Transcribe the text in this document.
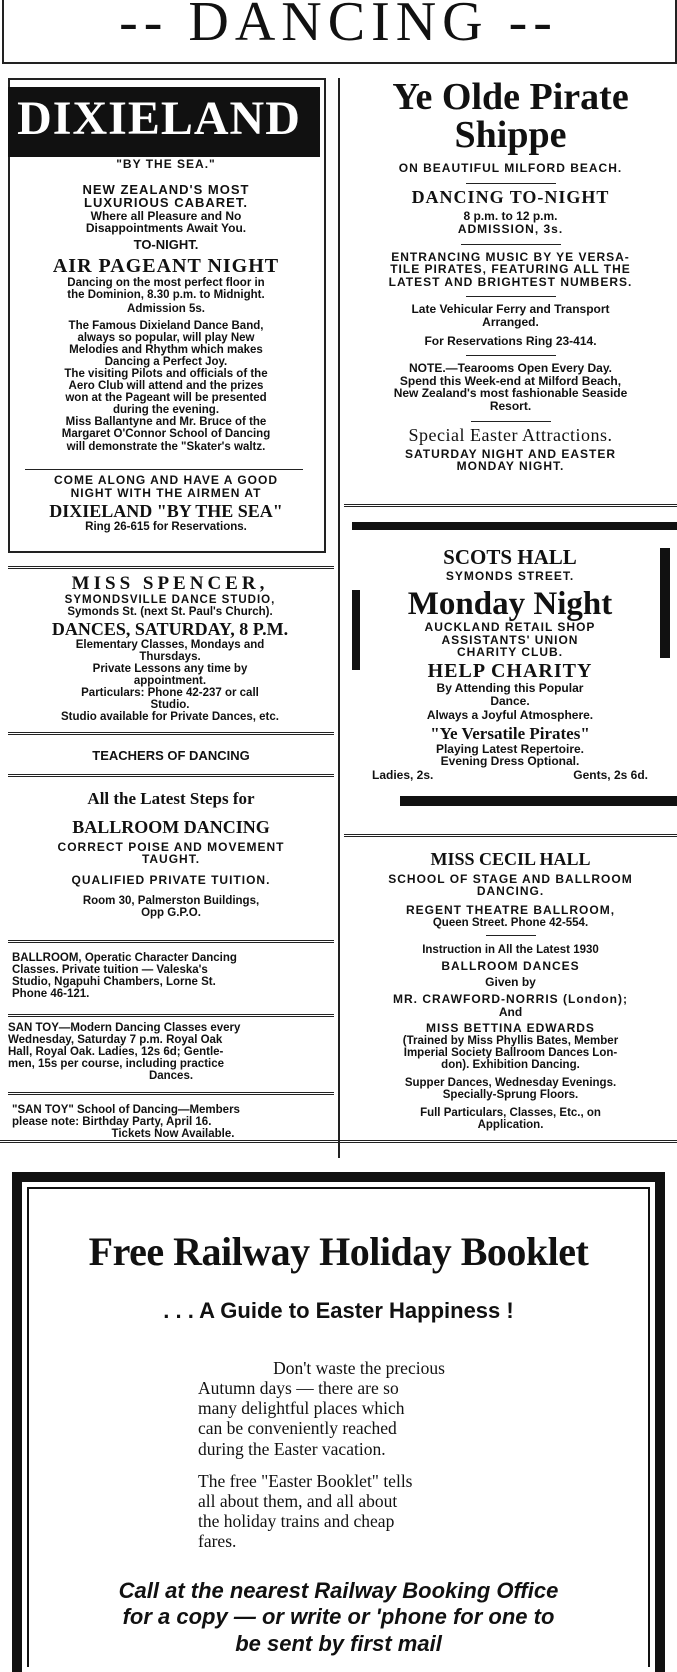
-- DANCING --
DIXIELAND

"BY THE SEA."

NEW ZEALAND'S MOST

LUXURIOUS CABARET.

Where all Pleasure and No

Disappointments Await You.

TO-NIGHT.

AIR PAGEANT NIGHT

Dancing on the most perfect floor in

the Dominion, 8.30 p.m. to Midnight.

Admission 5s.

The Famous Dixieland Dance Band,

always so popular, will play New

Melodies and Rhythm which makes

Dancing a Perfect Joy.

The visiting Pilots and officials of the

Aero Club will attend and the prizes

won at the Pageant will be presented

during the evening.

Miss Ballantyne and Mr. Bruce of the

Margaret O'Connor School of Dancing

will demonstrate the "Skater's waltz.

COME ALONG AND HAVE A GOOD

NIGHT WITH THE AIRMEN AT

DIXIELAND "BY THE SEA"

Ring 26-615 for Reservations.

MISS SPENCER,

SYMONDSVILLE DANCE STUDIO,

Symonds St. (next St. Paul's Church).

DANCES, SATURDAY, 8 P.M.

Elementary Classes, Mondays and

Thursdays.

Private Lessons any time by

appointment.

Particulars: Phone 42-237 or call

Studio.

Studio available for Private Dances, etc.

TEACHERS OF DANCING

All the Latest Steps for

BALLROOM DANCING

CORRECT POISE AND MOVEMENT

TAUGHT.

QUALIFIED PRIVATE TUITION.

Room 30, Palmerston Buildings,

Opp G.P.O.

BALLROOM, Operatic Character Dancing

Classes. Private tuition — Valeska's

Studio, Ngapuhi Chambers, Lorne St.

Phone 46-121.

SAN TOY—Modern Dancing Classes every

Wednesday, Saturday 7 p.m. Royal Oak

Hall, Royal Oak. Ladies, 12s 6d; Gentle-

men, 15s per course, including practice

Dances.

"SAN TOY" School of Dancing—Members

please note: Birthday Party, April 16.

Tickets Now Available.

Ye Olde Pirate

Shippe

ON BEAUTIFUL MILFORD BEACH.

DANCING TO-NIGHT

8 p.m. to 12 p.m.

ADMISSION, 3s.

ENTRANCING MUSIC BY YE VERSA-

TILE PIRATES, FEATURING ALL THE

LATEST AND BRIGHTEST NUMBERS.

Late Vehicular Ferry and Transport

Arranged.

For Reservations Ring 23-414.

NOTE.—Tearooms Open Every Day.

Spend this Week-end at Milford Beach,

New Zealand's most fashionable Seaside

Resort.

Special Easter Attractions.

SATURDAY NIGHT AND EASTER

MONDAY NIGHT.

SCOTS HALL

SYMONDS STREET.

Monday Night

AUCKLAND RETAIL SHOP

ASSISTANTS' UNION

CHARITY CLUB.

HELP CHARITY

By Attending this Popular

Dance.

Always a Joyful Atmosphere.

"Ye Versatile Pirates"

Playing Latest Repertoire.

Evening Dress Optional.

Ladies, 2s.	Gents, 2s 6d.

MISS CECIL HALL

SCHOOL OF STAGE AND BALLROOM

DANCING.

REGENT THEATRE BALLROOM,

Queen Street. Phone 42-554.

Instruction in All the Latest 1930

BALLROOM DANCES

Given by

MR. CRAWFORD-NORRIS (London);

And

MISS BETTINA EDWARDS

(Trained by Miss Phyllis Bates, Member

Imperial Society Ballroom Dances Lon-

don). Exhibition Dancing.

Supper Dances, Wednesday Evenings.

Specially-Sprung Floors.

Full Particulars, Classes, Etc., on

Application.

Free Railway Holiday Booklet
. . . A Guide to Easter Happiness !

Don't waste the precious

Autumn days — there are so

many delightful places which

can be conveniently reached

during the Easter vacation.

The free "Easter Booklet" tells

all about them, and all about

the holiday trains and cheap

fares.

Call at the nearest Railway Booking Office

for a copy — or write or 'phone for one to

be sent by first mail
